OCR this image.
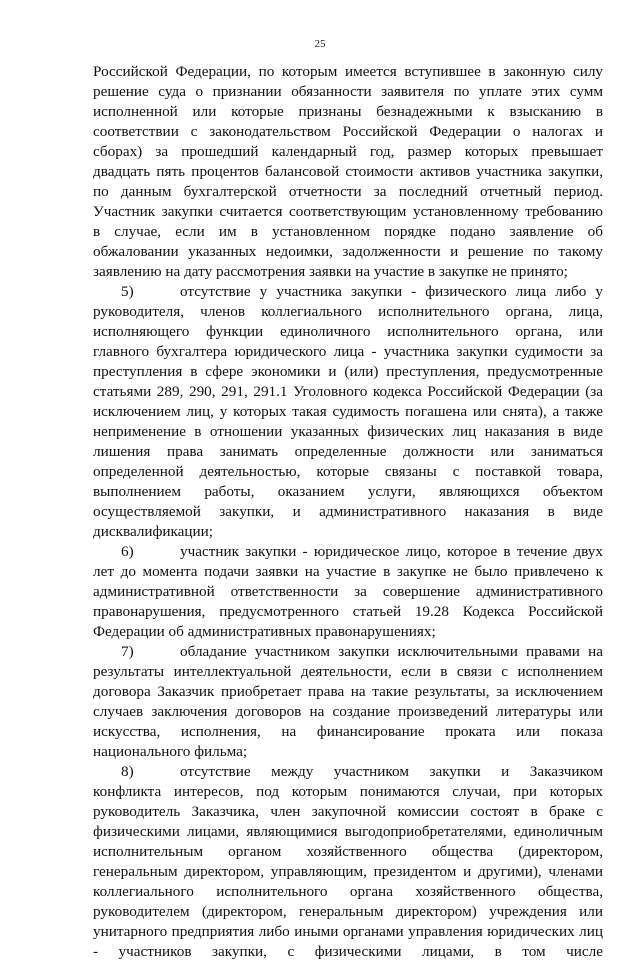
25
Российской Федерации, по которым имеется вступившее в законную силу
решение суда о признании обязанности заявителя по уплате этих сумм
исполненной или которые признаны безнадежными к взысканию в
соответствии с законодательством Российской Федерации о налогах и
сборах) за прошедший календарный год, размер которых превышает
двадцать пять процентов балансовой стоимости активов участника закупки,
по данным бухгалтерской отчетности за последний отчетный период.
Участник закупки считается соответствующим установленному требованию
в случае, если им в установленном порядке подано заявление об
обжаловании указанных недоимки, задолженности и решение по такому
заявлению на дату рассмотрения заявки на участие в закупке не принято;
5)	отсутствие у участника закупки - физического лица либо у
руководителя, членов коллегиального исполнительного органа, лица,
исполняющего функции единоличного исполнительного органа, или
главного бухгалтера юридического лица - участника закупки судимости за
преступления в сфере экономики и (или) преступления, предусмотренные
статьями 289, 290, 291, 291.1 Уголовного кодекса Российской Федерации (за
исключением лиц, у которых такая судимость погашена или снята), а также
неприменение в отношении указанных физических лиц наказания в виде
лишения права занимать определенные должности или заниматься
определенной деятельностью, которые связаны с поставкой товара,
выполнением работы, оказанием услуги, являющихся объектом
осуществляемой закупки, и административного наказания в виде
дисквалификации;
6)	участник закупки - юридическое лицо, которое в течение двух
лет до момента подачи заявки на участие в закупке не было привлечено к
административной ответственности за совершение административного
правонарушения, предусмотренного статьей 19.28 Кодекса Российской
Федерации об административных правонарушениях;
7)	обладание участником закупки исключительными правами на
результаты интеллектуальной деятельности, если в связи с исполнением
договора Заказчик приобретает права на такие результаты, за исключением
случаев заключения договоров на создание произведений литературы или
искусства, исполнения, на финансирование проката или показа
национального фильма;
8)	отсутствие между участником закупки и Заказчиком
конфликта интересов, под которым понимаются случаи, при которых
руководитель Заказчика, член закупочной комиссии состоят в браке с
физическими лицами, являющимися выгодоприобретателями, единоличным
исполнительным органом хозяйственного общества (директором,
генеральным директором, управляющим, президентом и другими), членами
коллегиального исполнительного органа хозяйственного общества,
руководителем (директором, генеральным директором) учреждения или
унитарного предприятия либо иными органами управления юридических лиц
- участников закупки, с физическими лицами, в том числе
